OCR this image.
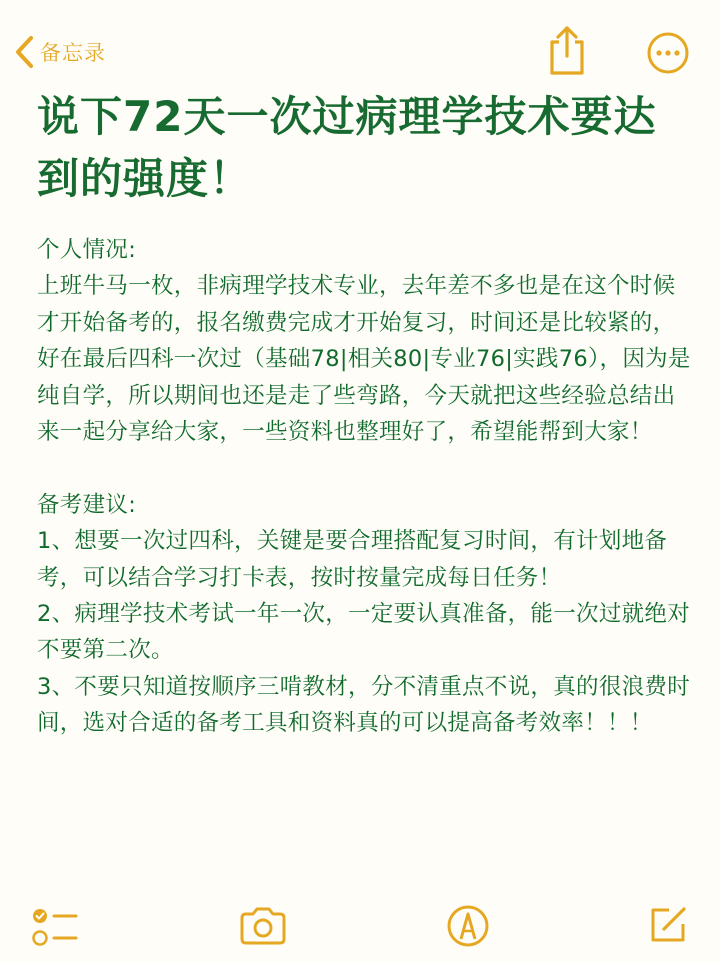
备忘录
说下72天一次过病理学技术要达到的强度！

个人情况:

上班牛马一枚，非病理学技术专业，去年差不多也是在这个时候才开始备考的，报名缴费完成才开始复习，时间还是比较紧的，好在最后四科一次过（基础78|相关80|专业76|实践76），因为是纯自学，所以期间也还是走了些弯路，今天就把这些经验总结出来一起分享给大家，一些资料也整理好了，希望能帮到大家！

备考建议:

1、想要一次过四科，关键是要合理搭配复习时间，有计划地备考，可以结合学习打卡表，按时按量完成每日任务！

2、病理学技术考试一年一次，一定要认真准备，能一次过就绝对不要第二次。

3、不要只知道按顺序三啃教材，分不清重点不说，真的很浪费时间，选对合适的备考工具和资料真的可以提高备考效率！！！
